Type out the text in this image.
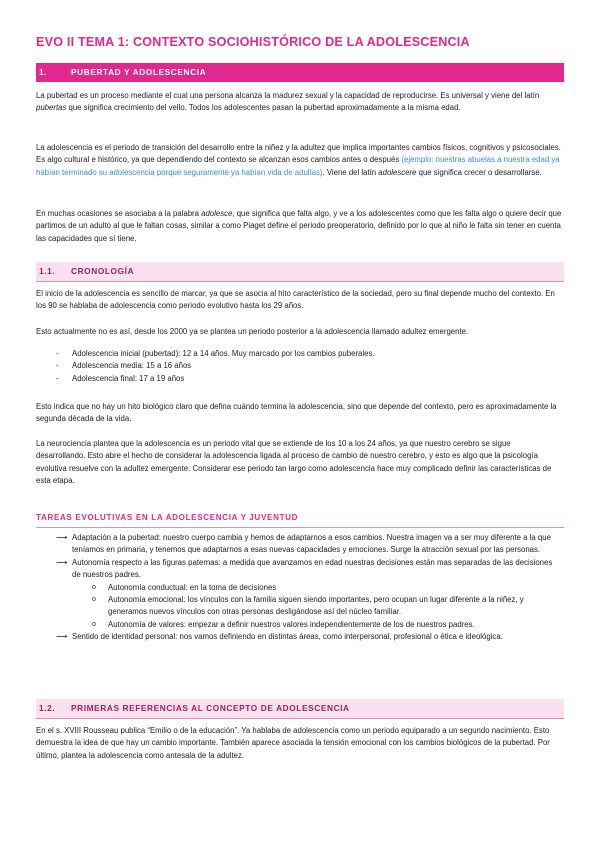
EVO II TEMA 1: CONTEXTO SOCIOHISTÓRICO DE LA ADOLESCENCIA
1.	PUBERTAD Y ADOLESCENCIA

La pubertad es un proceso mediante el cual una persona alcanza la madurez sexual y la capacidad de reproducirse. Es universal y viene del latín pubertas que significa crecimiento del vello. Todos los adolescentes pasan la pubertad aproximadamente a la misma edad.

La adolescencia es el periodo de transición del desarrollo entre la niñez y la adultez que implica importantes cambios físicos, cognitivos y psicosociales. Es algo cultural e histórico, ya que dependiendo del contexto se alcanzan esos cambios antes o después (ejemplo: nuestras abuelas a nuestra edad ya habían terminado su adolescencia porque seguramente ya habían vida de adultas). Viene del latín adolescere que significa crecer o desarrollarse.

En muchas ocasiones se asociaba a la palabra adolesce, que significa que falta algo, y ve a los adolescentes como que les falta algo o quiere decir que partimos de un adulto al que le faltan cosas, similar a como Piaget define el periodo preoperatorio, definido por lo que al niño le falta sin tener en cuenta las capacidades que sí tiene.

1.1. CRONOLOGÍA

El inicio de la adolescencia es sencillo de marcar, ya que se asocia al hito característico de la sociedad, pero su final depende mucho del contexto. En los 90 se hablaba de adolescencia como periodo evolutivo hasta los 29 años.

Esto actualmente no es así, desde los 2000 ya se plantea un periodo posterior a la adolescencia llamado adultez emergente.

- Adolescencia inicial (pubertad): 12 a 14 años. Muy marcado por los cambios puberales.
- Adolescencia media: 15 a 16 años
- Adolescencia final: 17 a 19 años

Esto indica que no hay un hito biológico claro que defina cuándo termina la adolescencia, sino que depende del contexto, pero es aproximadamente la segunda década de la vida.

La neurociencia plantea que la adolescencia es un periodo vital que se extiende de los 10 a los 24 años, ya que nuestro cerebro se sigue desarrollando. Esto abre el hecho de considerar la adolescencia ligada al proceso de cambio de nuestro cerebro, y esto es algo que la psicología evolutiva resuelve con la adultez emergente. Considerar ese periodo tan largo como adolescencia hace muy complicado definir las características de esta etapa.

TAREAS EVOLUTIVAS EN LA ADOLESCENCIA Y JUVENTUD
⟶ Adaptación a la pubertad: nuestro cuerpo cambia y hemos de adaptarnos a esos cambios. Nuestra imagen va a ser muy diferente a la que teníamos en primaria, y tenemos que adaptarnos a esas nuevas capacidades y emociones. Surge la atracción sexual por las personas.
⟶ Autonomía respecto a las figuras paternas: a medida que avanzamos en edad nuestras decisiones están mas separadas de las decisiones de nuestros padres.
o Autonomía conductual: en la toma de decisiones
o Autonomía emocional: los vínculos con la familia siguen siendo importantes, pero ocupan un lugar diferente a la niñez, y generamos nuevos vínculos con otras personas desligándose así del núcleo familiar.
o Autonomía de valores: empezar a definir nuestros valores independientemente de los de nuestros padres.
⟶ Sentido de identidad personal: nos vamos definiendo en distintas áreas, como interpersonal, profesional o ética e ideológica.
1.2. PRIMERAS REFERENCIAS AL CONCEPTO DE ADOLESCENCIA

En el s. XVIII Rousseau publica “Emilio o de la educación”. Ya hablaba de adolescencia como un periodo equiparado a un segundo nacimiento. Esto demuestra la idea de que hay un cambio importante. También aparece asociada la tensión emocional con los cambios biológicos de la pubertad. Por último, plantea la adolescencia como antesala de la adultez.
